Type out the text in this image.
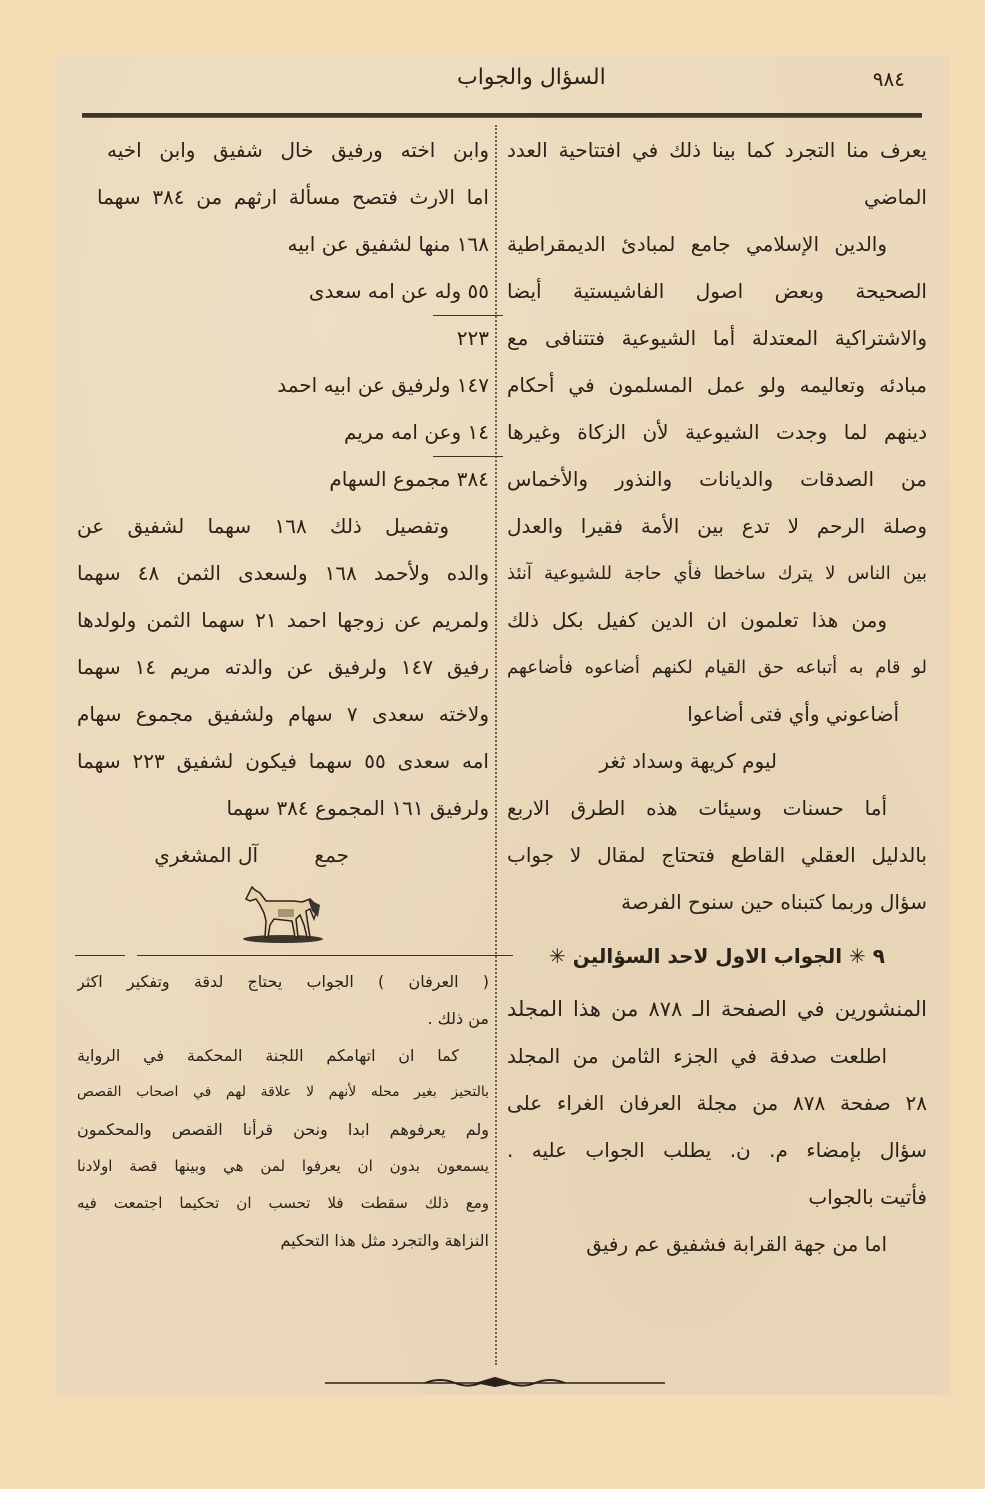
٩٨٤
السؤال والجواب
يعرف منا التجرد كما بينا ذلك في افتتاحية العدد
الماضي
والدين الإسلامي جامع لمبادئ الديمقراطية
الصحيحة وبعض اصول الفاشيستية أيضا
والاشتراكية المعتدلة أما الشيوعية فتتنافى مع
مبادئه وتعاليمه ولو عمل المسلمون في أحكام
دينهم لما وجدت الشيوعية لأن الزكاة وغيرها
من الصدقات والديانات والنذور والأخماس
وصلة الرحم لا تدع بين الأمة فقيرا والعدل
بين الناس لا يترك ساخطا فأي حاجة للشيوعية آنئذ
ومن هذا تعلمون ان الدين كفيل بكل ذلك
لو قام به أتباعه حق القيام لكنهم أضاعوه فأضاعهم
أضاعوني وأي فتى أضاعوا
ليوم كريهة وسداد ثغر
أما حسنات وسيئات هذه الطرق الاربع
بالدليل العقلي القاطع فتحتاج لمقال لا جواب
سؤال وربما كتبناه حين سنوح الفرصة
٩ ✳ الجواب الاول لاحد السؤالين ✳
المنشورين في الصفحة الـ ٨٧٨ من هذا المجلد
اطلعت صدفة في الجزء الثامن من المجلد
٢٨ صفحة ٨٧٨ من مجلة العرفان الغراء على
سؤال بإمضاء م. ن. يطلب الجواب عليه .
فأتيت بالجواب
اما من جهة القرابة فشفيق عم رفيق
وابن اخته ورفيق خال شفيق وابن اخيه
اما الارث فتصح مسألة ارثهم من ٣٨٤ سهما
١٦٨ منها لشفيق عن ابيه
٥٥ وله عن امه سعدى
٢٢٣
١٤٧ ولرفيق عن ابيه احمد
١٤ وعن امه مريم
٣٨٤ مجموع السهام
وتفصيل ذلك ١٦٨ سهما لشفيق عن
والده ولأحمد ١٦٨ ولسعدى الثمن ٤٨ سهما
ولمريم عن زوجها احمد ٢١ سهما الثمن ولولدها
رفيق ١٤٧ ولرفيق عن والدته مريم ١٤ سهما
ولاخته سعدى ٧ سهام ولشفيق مجموع سهام
امه سعدى ٥٥ سهما فيكون لشفيق ٢٢٣ سهما
ولرفيق ١٦١ المجموع ٣٨٤ سهما
جمع آل المشغري
( العرفان ) الجواب يحتاج لدقة وتفكير اكثر
من ذلك .
كما ان اتهامكم اللجنة المحكمة في الرواية
بالتحيز بغير محله لأنهم لا علاقة لهم في اصحاب القصص
ولم يعرفوهم ابدا ونحن قرأنا القصص والمحكمون
يسمعون بدون ان يعرفوا لمن هي وبينها قصة اولادنا
ومع ذلك سقطت فلا تحسب ان تحكيما اجتمعت فيه
النزاهة والتجرد مثل هذا التحكيم
